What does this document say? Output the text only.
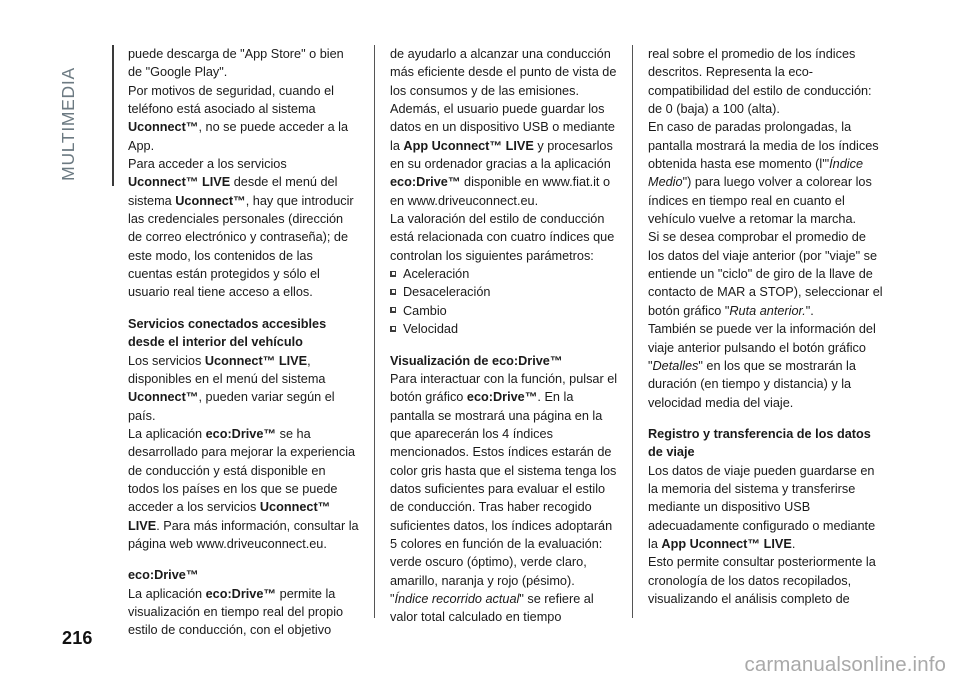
MULTIMEDIA

puede descarga de "App Store" o bien de "Google Play".

Por motivos de seguridad, cuando el teléfono está asociado al sistema Uconnect™, no se puede acceder a la App.

Para acceder a los servicios Uconnect™ LIVE desde el menú del sistema Uconnect™, hay que introducir las credenciales personales (dirección de correo electrónico y contraseña); de este modo, los contenidos de las cuentas están protegidos y sólo el usuario real tiene acceso a ellos.

Servicios conectados accesibles desde el interior del vehículo

Los servicios Uconnect™ LIVE, disponibles en el menú del sistema Uconnect™, pueden variar según el país.

La aplicación eco:Drive™ se ha desarrollado para mejorar la experiencia de conducción y está disponible en todos los países en los que se puede acceder a los servicios Uconnect™ LIVE. Para más información, consultar la página web www.driveuconnect.eu.

eco:Drive™

La aplicación eco:Drive™ permite la visualización en tiempo real del propio estilo de conducción, con el objetivo

de ayudarlo a alcanzar una conducción más eficiente desde el punto de vista de los consumos y de las emisiones.

Además, el usuario puede guardar los datos en un dispositivo USB o mediante la App Uconnect™ LIVE y procesarlos en su ordenador gracias a la aplicación eco:Drive™ disponible en www.fiat.it o en www.driveuconnect.eu.

La valoración del estilo de conducción está relacionada con cuatro índices que controlan los siguientes parámetros:

Aceleración
Desaceleración
Cambio
Velocidad
Visualización de eco:Drive™

Para interactuar con la función, pulsar el botón gráfico eco:Drive™. En la pantalla se mostrará una página en la que aparecerán los 4 índices mencionados. Estos índices estarán de color gris hasta que el sistema tenga los datos suficientes para evaluar el estilo de conducción. Tras haber recogido suficientes datos, los índices adoptarán 5 colores en función de la evaluación: verde oscuro (óptimo), verde claro, amarillo, naranja y rojo (pésimo).

"Índice recorrido actual" se refiere al valor total calculado en tiempo

real sobre el promedio de los índices descritos. Representa la eco-compatibilidad del estilo de conducción: de 0 (baja) a 100 (alta).

En caso de paradas prolongadas, la pantalla mostrará la media de los índices obtenida hasta ese momento (l'"Índice Medio") para luego volver a colorear los índices en tiempo real en cuanto el vehículo vuelve a retomar la marcha.

Si se desea comprobar el promedio de los datos del viaje anterior (por "viaje" se entiende un "ciclo" de giro de la llave de contacto de MAR a STOP), seleccionar el botón gráfico "Ruta anterior.".

También se puede ver la información del viaje anterior pulsando el botón gráfico "Detalles" en los que se mostrarán la duración (en tiempo y distancia) y la velocidad media del viaje.

Registro y transferencia de los datos de viaje

Los datos de viaje pueden guardarse en la memoria del sistema y transferirse mediante un dispositivo USB adecuadamente configurado o mediante la App Uconnect™ LIVE.

Esto permite consultar posteriormente la cronología de los datos recopilados, visualizando el análisis completo de

216
carmanualsonline.info
